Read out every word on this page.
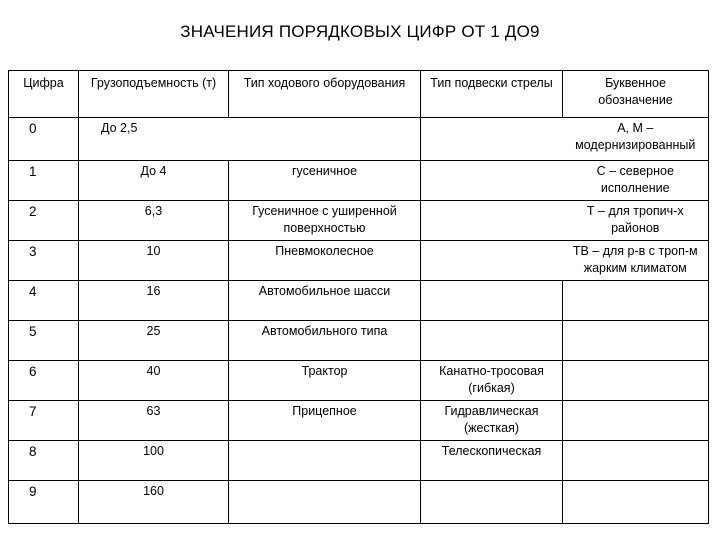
ЗНАЧЕНИЯ ПОРЯДКОВЫХ ЦИФР ОТ 1 ДО9
Цифра	Грузоподъемность (т)	Тип ходового оборудования	Тип подвески стрелы	Буквенное обозначение
0	До 2,5			А, М – модернизированный
1	До 4	гусеничное		С – северное исполнение
2	6,3	Гусеничное с уширенной поверхностью		Т – для тропич-х районов
3	10	Пневмоколесное		ТВ – для р-в с троп-м жарким климатом
4	16	Автомобильное шасси		
5	25	Автомобильного типа		
6	40	Трактор	Канатно-тросовая (гибкая)	
7	63	Прицепное	Гидравлическая (жесткая)	
8	100		Телескопическая	
9	160			
